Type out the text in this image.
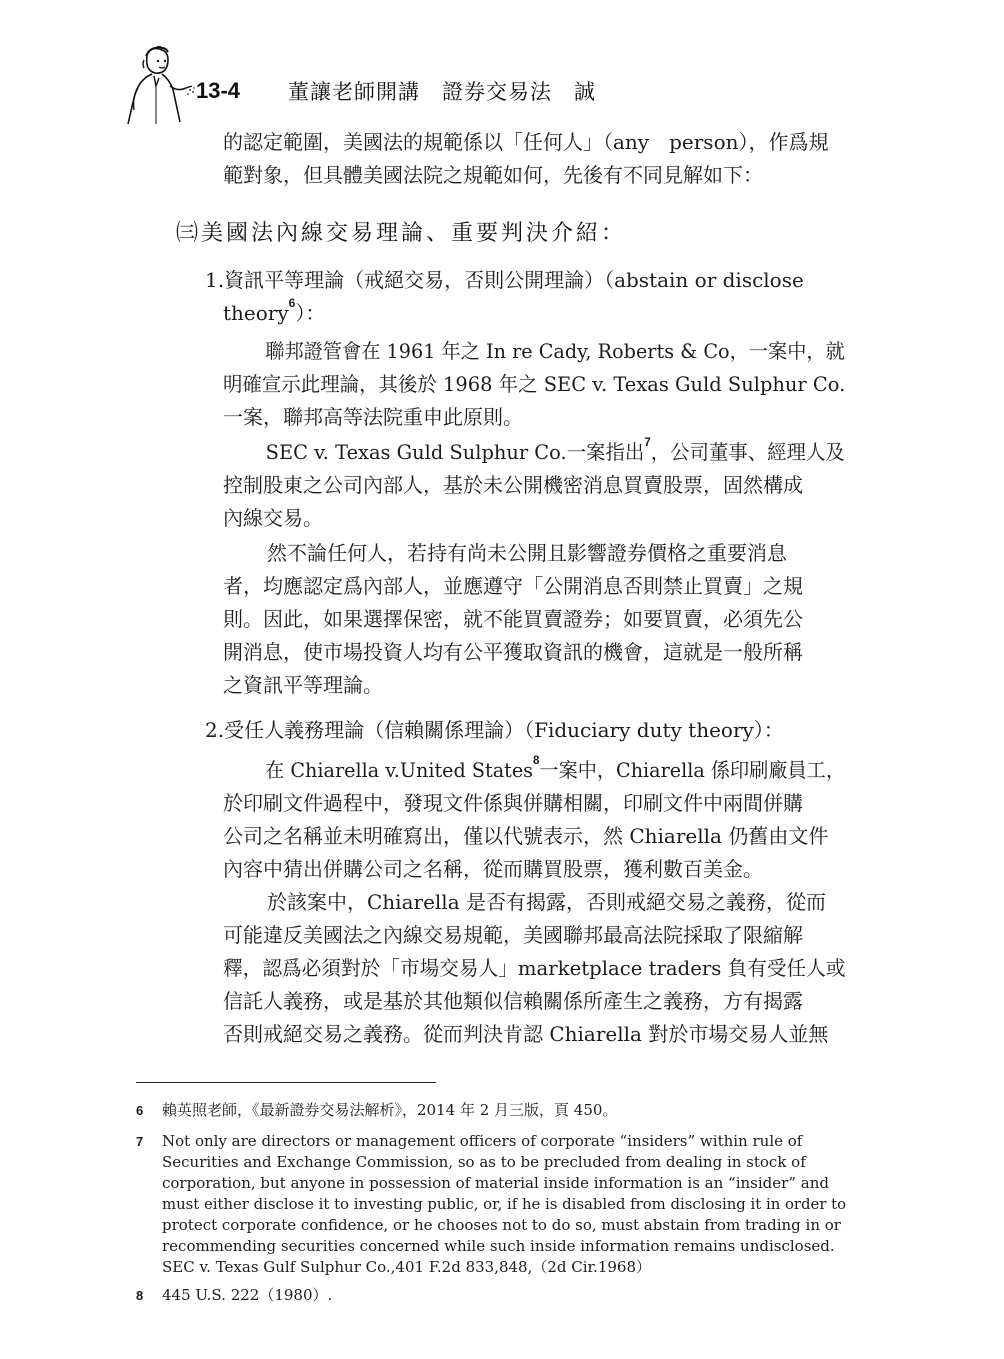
13-4 董讓老師開講　證券交易法　誠
的認定範圍，美國法的規範係以「任何人」（any　person），作爲規
範對象，但具體美國法院之規範如何，先後有不同見解如下：
㈢美國法內線交易理論、重要判決介紹：
1.資訊平等理論（戒絕交易，否則公開理論）（abstain or disclose
theory$^6$）：
聯邦證管會在 1961 年之 In re Cady, Roberts & Co，一案中，就
明確宣示此理論，其後於 1968 年之 SEC v. Texas Guld Sulphur Co.
一案，聯邦高等法院重申此原則。
SEC v. Texas Guld Sulphur Co.一案指出$^7$，公司董事、經理人及
控制股東之公司內部人，基於未公開機密消息買賣股票，固然構成
內線交易。
然不論任何人，若持有尚未公開且影響證券價格之重要消息
者，均應認定爲內部人，並應遵守「公開消息否則禁止買賣」之規
則。因此，如果選擇保密，就不能買賣證券；如要買賣，必須先公
開消息，使市場投資人均有公平獲取資訊的機會，這就是一般所稱
之資訊平等理論。
2.受任人義務理論（信賴關係理論）（Fiduciary duty theory）：
在 Chiarella v.United States$^8$一案中，Chiarella 係印刷廠員工，
於印刷文件過程中，發現文件係與併購相關，印刷文件中兩間併購
公司之名稱並未明確寫出，僅以代號表示，然 Chiarella 仍舊由文件
內容中猜出併購公司之名稱，從而購買股票，獲利數百美金。
於該案中，Chiarella 是否有揭露，否則戒絕交易之義務，從而
可能違反美國法之內線交易規範，美國聯邦最高法院採取了限縮解
釋，認爲必須對於「市場交易人」marketplace traders 負有受任人或
信託人義務，或是基於其他類似信賴關係所產生之義務，方有揭露
否則戒絕交易之義務。從而判決肯認 Chiarella 對於市場交易人並無
6 賴英照老師，《最新證券交易法解析》，2014 年 2 月三版，頁 450。
7 Not only are directors or management officers of corporate “insiders” within rule of
Securities and Exchange Commission, so as to be precluded from dealing in stock of
corporation, but anyone in possession of material inside information is an “insider” and
must either disclose it to investing public, or, if he is disabled from disclosing it in order to
protect corporate confidence, or he chooses not to do so, must abstain from trading in or
recommending securities concerned while such inside information remains undisclosed.
SEC v. Texas Gulf Sulphur Co.,401 F.2d 833,848,（2d Cir.1968）
8 445 U.S. 222（1980）.
